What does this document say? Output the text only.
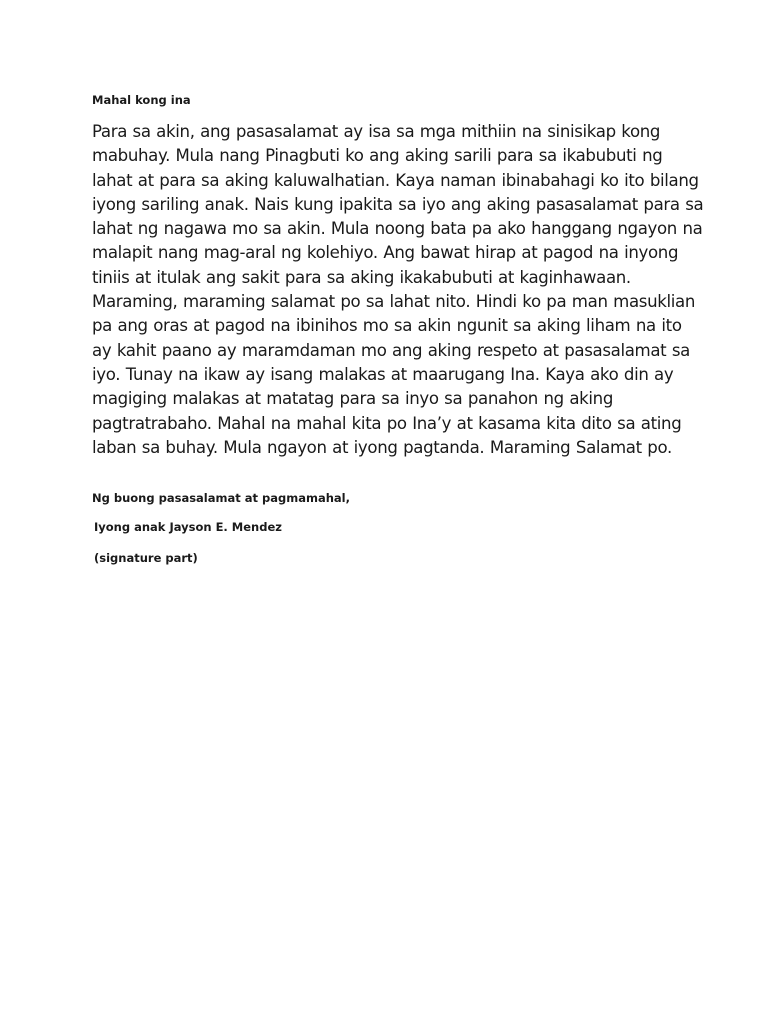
Mahal kong ina
Para sa akin, ang pasasalamat ay isa sa mga mithiin na sinisikap kong
mabuhay. Mula nang Pinagbuti ko ang aking sarili para sa ikabubuti ng
lahat at para sa aking kaluwalhatian. Kaya naman ibinabahagi ko ito bilang
iyong sariling anak. Nais kung ipakita sa iyo ang aking pasasalamat para sa
lahat ng nagawa mo sa akin. Mula noong bata pa ako hanggang ngayon na
malapit nang mag-aral ng kolehiyo. Ang bawat hirap at pagod na inyong
tiniis at itulak ang sakit para sa aking ikakabubuti at kaginhawaan.
Maraming, maraming salamat po sa lahat nito. Hindi ko pa man masuklian
pa ang oras at pagod na ibinihos mo sa akin ngunit sa aking liham na ito
ay kahit paano ay maramdaman mo ang aking respeto at pasasalamat sa
iyo. Tunay na ikaw ay isang malakas at maarugang Ina. Kaya ako din ay
magiging malakas at matatag para sa inyo sa panahon ng aking
pagtratrabaho. Mahal na mahal kita po Ina’y at kasama kita dito sa ating
laban sa buhay. Mula ngayon at iyong pagtanda. Maraming Salamat po.
Ng buong pasasalamat at pagmamahal,
Iyong anak Jayson E. Mendez
(signature part)
